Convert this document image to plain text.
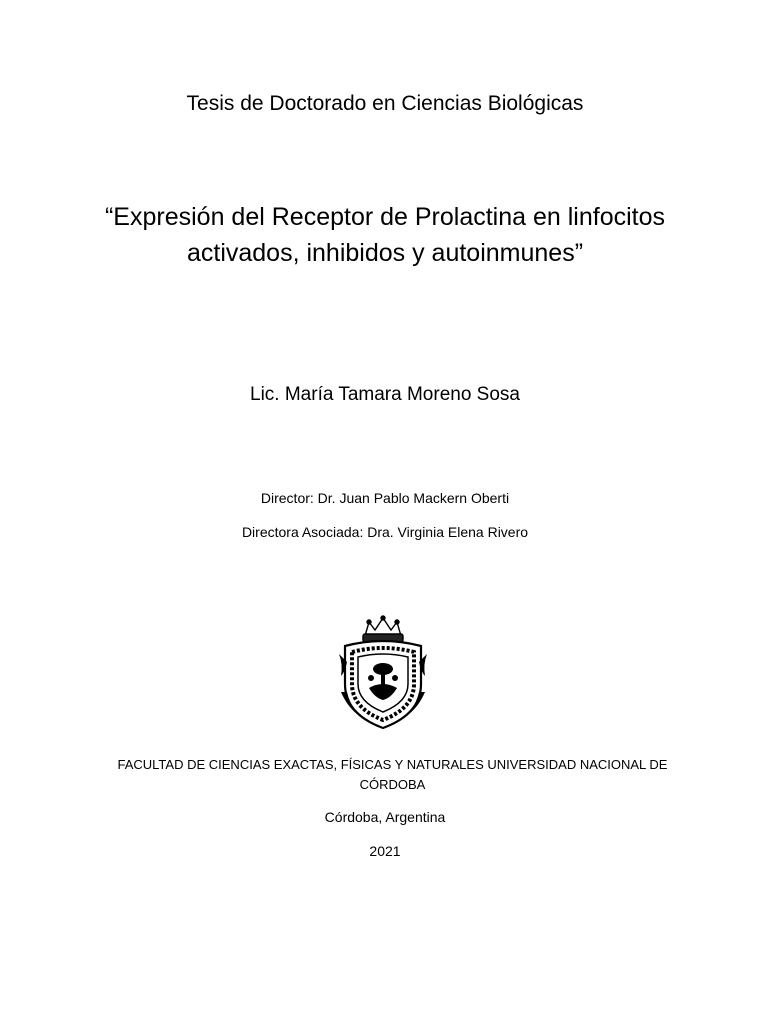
Tesis de Doctorado en Ciencias Biológicas
“Expresión del Receptor de Prolactina en linfocitos
activados, inhibidos y autoinmunes”
Lic. María Tamara Moreno Sosa
Director: Dr. Juan Pablo Mackern Oberti
Directora Asociada: Dra. Virginia Elena Rivero
FACULTAD DE CIENCIAS EXACTAS, FÍSICAS Y NATURALES UNIVERSIDAD NACIONAL DE CÓRDOBA
Córdoba, Argentina
2021
